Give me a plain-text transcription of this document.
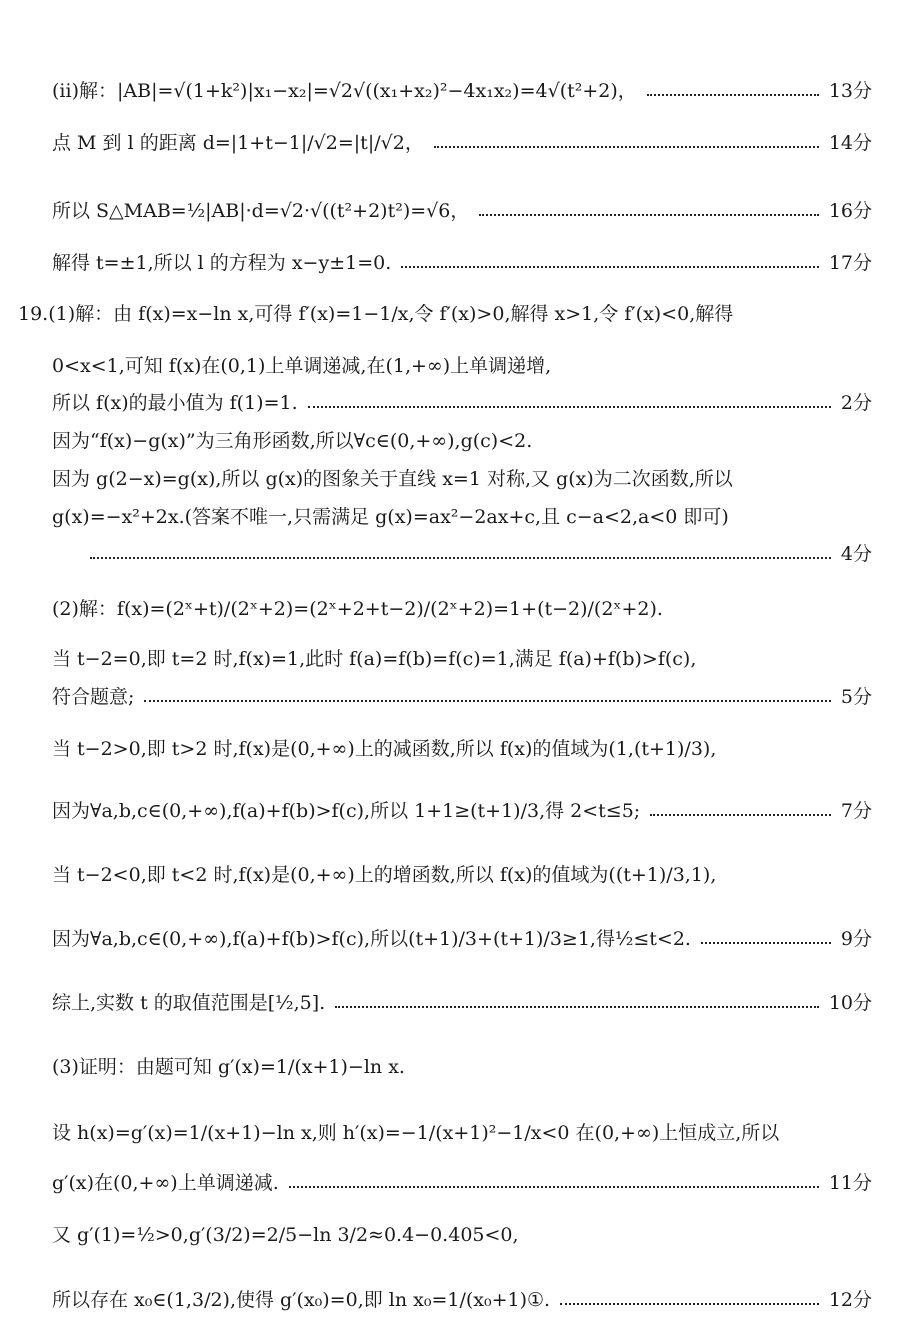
(ii)解：|AB|=√(1+k²)|x₁−x₂|=√2√((x₁+x₂)²−4x₁x₂)=4√(t²+2)，	13分
点 M 到 l 的距离 d=|1+t−1|/√2=|t|/√2，	14分
所以 S△MAB=½|AB|·d=√2·√((t²+2)t²)=√6，	16分
解得 t=±1,所以 l 的方程为 x−y±1=0.	17分
19.(1)解：由 f(x)=x−ln x,可得 f′(x)=1−1/x,令 f′(x)>0,解得 x>1,令 f′(x)<0,解得
0<x<1,可知 f(x)在(0,1)上单调递减,在(1,+∞)上单调递增,
所以 f(x)的最小值为 f(1)=1.	2分
因为“f(x)−g(x)”为三角形函数,所以∀c∈(0,+∞),g(c)<2.
因为 g(2−x)=g(x),所以 g(x)的图象关于直线 x=1 对称,又 g(x)为二次函数,所以
g(x)=−x²+2x.(答案不唯一,只需满足 g(x)=ax²−2ax+c,且 c−a<2,a<0 即可)
4分
(2)解：f(x)=(2ˣ+t)/(2ˣ+2)=(2ˣ+2+t−2)/(2ˣ+2)=1+(t−2)/(2ˣ+2).
当 t−2=0,即 t=2 时,f(x)=1,此时 f(a)=f(b)=f(c)=1,满足 f(a)+f(b)>f(c),
符合题意;	5分
当 t−2>0,即 t>2 时,f(x)是(0,+∞)上的减函数,所以 f(x)的值域为(1,(t+1)/3),
因为∀a,b,c∈(0,+∞),f(a)+f(b)>f(c),所以 1+1≥(t+1)/3,得 2<t≤5;	7分
当 t−2<0,即 t<2 时,f(x)是(0,+∞)上的增函数,所以 f(x)的值域为((t+1)/3,1),
因为∀a,b,c∈(0,+∞),f(a)+f(b)>f(c),所以(t+1)/3+(t+1)/3≥1,得½≤t<2.	9分
综上,实数 t 的取值范围是[½,5].	10分
(3)证明：由题可知 g′(x)=1/(x+1)−ln x.
设 h(x)=g′(x)=1/(x+1)−ln x,则 h′(x)=−1/(x+1)²−1/x<0 在(0,+∞)上恒成立,所以
g′(x)在(0,+∞)上单调递减.	11分
又 g′(1)=½>0,g′(3/2)=2/5−ln 3/2≈0.4−0.405<0,
所以存在 x₀∈(1,3/2),使得 g′(x₀)=0,即 ln x₀=1/(x₀+1)①.	12分
